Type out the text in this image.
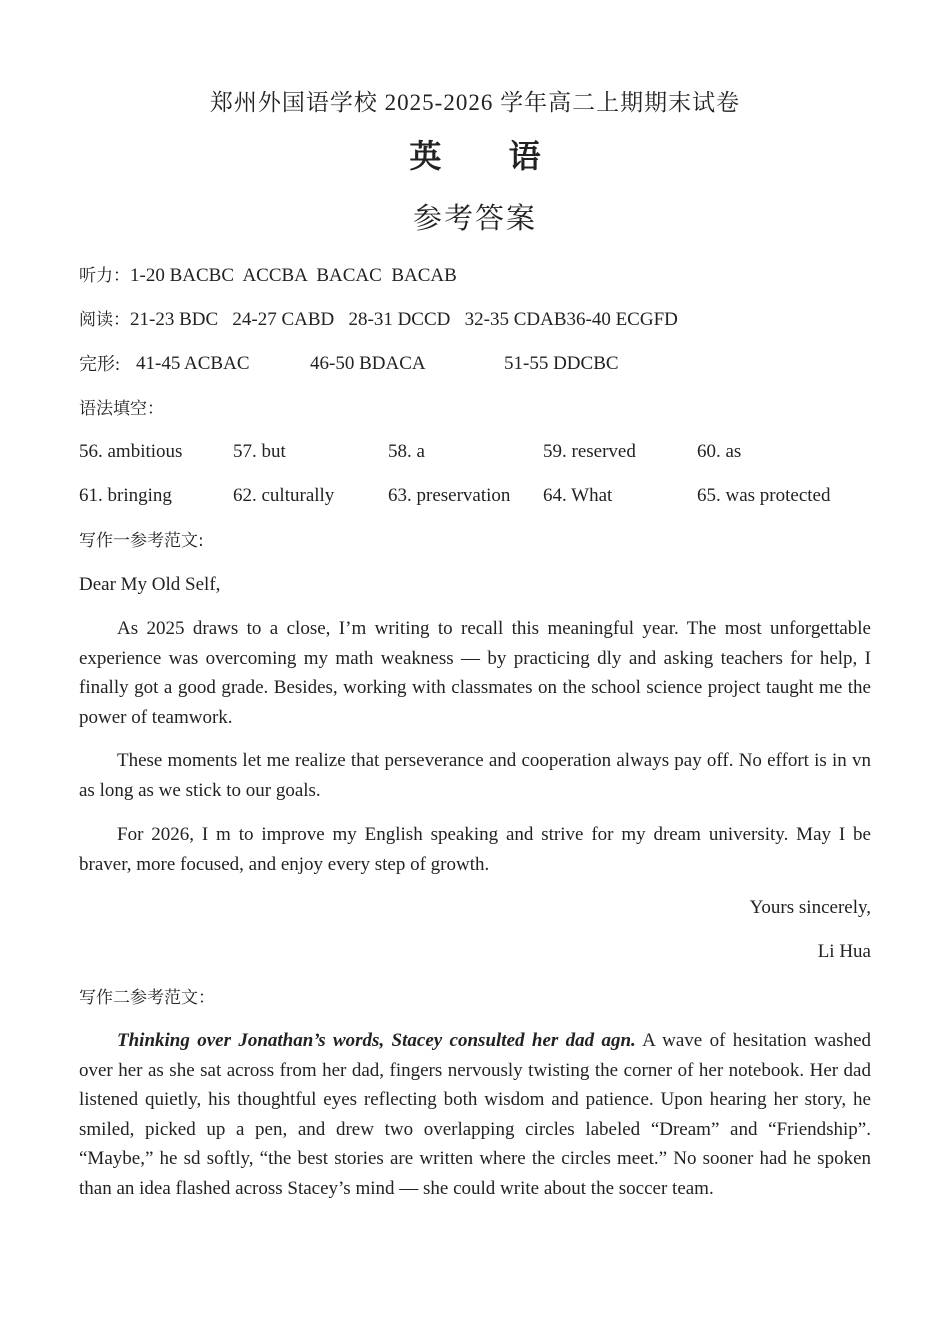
郑州外国语学校 2025-2026 学年高二上期期末试卷
英 语
参考答案
听力：1-20 BACBC  ACCBA  BACAC  BACAB
阅读：21-23 BDC   24-27 CABD   28-31 DCCD   32-35 CDAB36-40 ECGFD
完形: 41-45 ACBAC	46-50 BDACA	51-55 DDCBC
语法填空：
56. ambitious	57. but	58. a	59. reserved	60. as
61. bringing	62. culturally	63. preservation 64. What	65. was protected
写作一参考范文:
Dear My Old Self,
As 2025 draws to a close, I’m writing to recall this meaningful year. The most unforgettable experience was overcoming my math weakness — by practicing dly and asking teachers for help, I finally got a good grade. Besides, working with classmates on the school science project taught me the power of teamwork.
These moments let me realize that perseverance and cooperation always pay off. No effort is in vn as long as we stick to our goals.
For 2026, I m to improve my English speaking and strive for my dream university. May I be braver, more focused, and enjoy every step of growth.
Yours sincerely,
Li Hua
写作二参考范文：
Thinking over Jonathan’s words, Stacey consulted her dad agn. A wave of hesitation washed over her as she sat across from her dad, fingers nervously twisting the corner of her notebook. Her dad listened quietly, his thoughtful eyes reflecting both wisdom and patience. Upon hearing her story, he smiled, picked up a pen, and drew two overlapping circles labeled “Dream” and “Friendship”. “Maybe,” he sd softly, “the best stories are written where the circles meet.” No sooner had he spoken than an idea flashed across Stacey’s mind — she could write about the soccer team.
